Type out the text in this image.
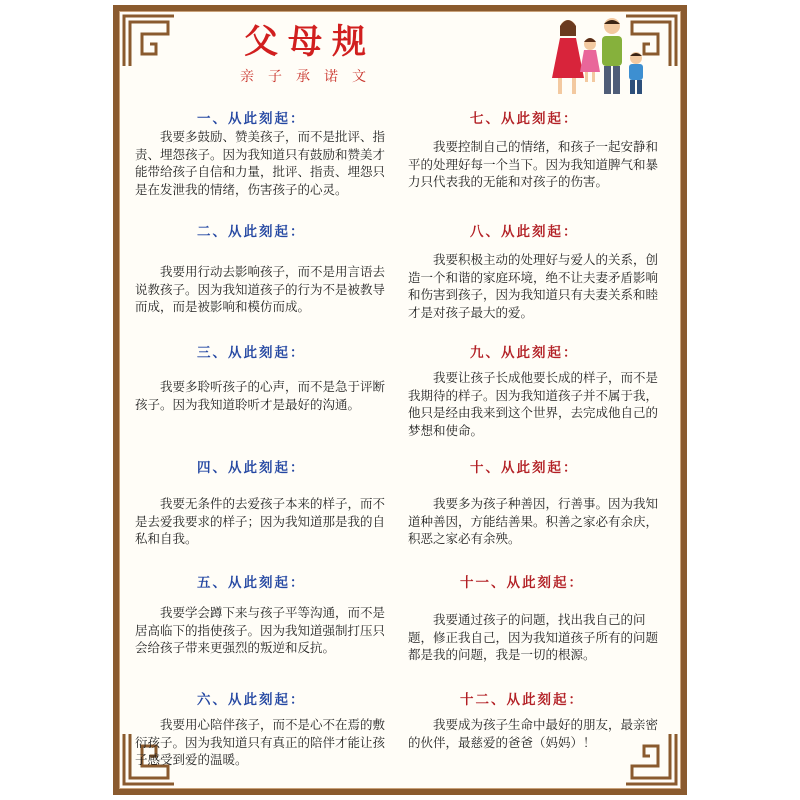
父母规
亲子承诺文
一、从此刻起：
　　我要多鼓励、赞美孩子，而不是批评、指责、埋怨孩子。因为我知道只有鼓励和赞美才能带给孩子自信和力量，批评、指责、埋怨只是在发泄我的情绪，伤害孩子的心灵。
二、从此刻起：
　　我要用行动去影响孩子，而不是用言语去说教孩子。因为我知道孩子的行为不是被教导而成，而是被影响和模仿而成。
三、从此刻起：
　　我要多聆听孩子的心声，而不是急于评断孩子。因为我知道聆听才是最好的沟通。
四、从此刻起：
　　我要无条件的去爱孩子本来的样子，而不是去爱我要求的样子；因为我知道那是我的自私和自我。
五、从此刻起：
　　我要学会蹲下来与孩子平等沟通，而不是居高临下的指使孩子。因为我知道强制打压只会给孩子带来更强烈的叛逆和反抗。
六、从此刻起：
　　我要用心陪伴孩子，而不是心不在焉的敷衍孩子。因为我知道只有真正的陪伴才能让孩子感受到爱的温暖。
七、从此刻起：
　　我要控制自己的情绪，和孩子一起安静和平的处理好每一个当下。因为我知道脾气和暴力只代表我的无能和对孩子的伤害。
八、从此刻起：
　　我要积极主动的处理好与爱人的关系，创造一个和谐的家庭环境，绝不让夫妻矛盾影响和伤害到孩子，因为我知道只有夫妻关系和睦才是对孩子最大的爱。
九、从此刻起：
　　我要让孩子长成他要长成的样子，而不是我期待的样子。因为我知道孩子并不属于我，他只是经由我来到这个世界，去完成他自己的梦想和使命。
十、从此刻起：
　　我要多为孩子种善因，行善事。因为我知道种善因，方能结善果。积善之家必有余庆，积恶之家必有余殃。
十一、从此刻起：
　　我要通过孩子的问题，找出我自己的问题，修正我自己，因为我知道孩子所有的问题都是我的问题，我是一切的根源。
十二、从此刻起：
　　我要成为孩子生命中最好的朋友，最亲密的伙伴，最慈爱的爸爸（妈妈）！
